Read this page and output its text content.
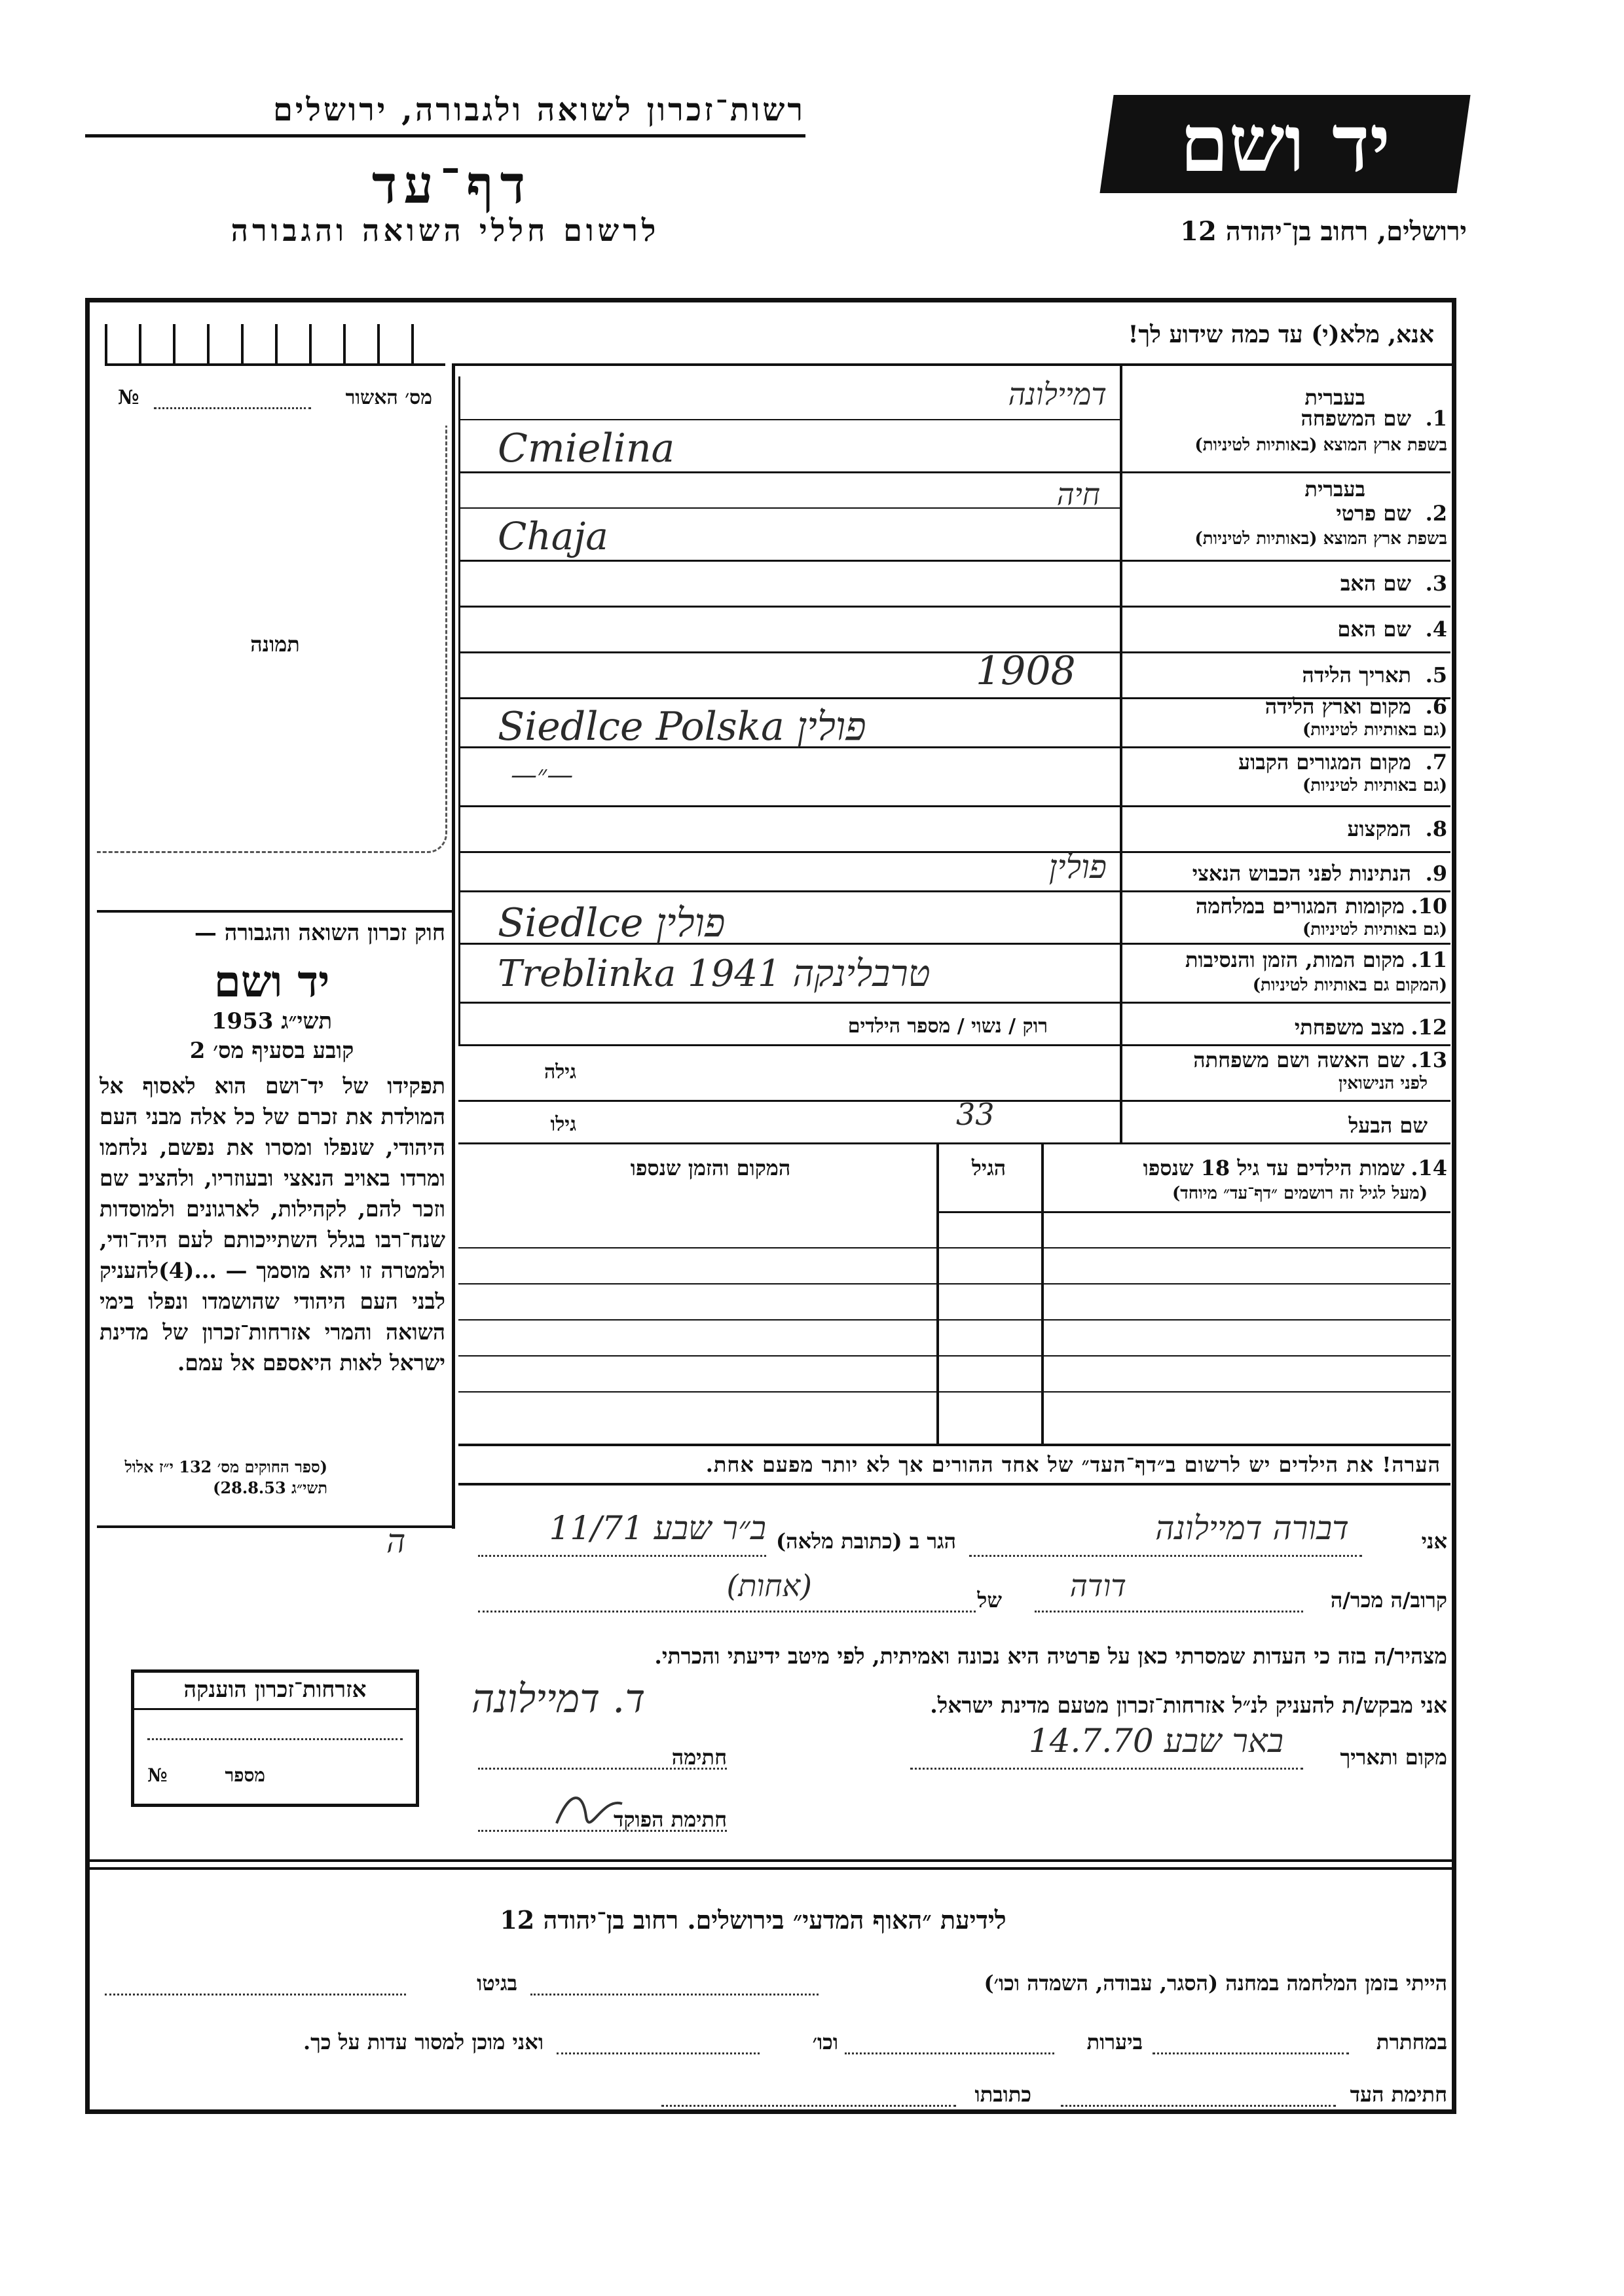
רשות־זכרון לשואה ולגבורה, ירושלים
דף־עד
לרשום חללי השואה והגבורה
יד ושם
ירושלים, רחוב בן־יהודה 12
אנא, מלא(י) עד כמה שידוע לך!
מס׳ האשור
№
תמונה
בעברית
1.
שם המשפחה
בשפת ארץ המוצא (באותיות לטיניות)
דמיילונה
Cmielina
בעברית
2.
שם פרטי
בשפת ארץ המוצא (באותיות לטיניות)
חיה
Chaja
3.
שם האב
4.
שם האם
5.
תאריך הלידה
1908
6.
מקום וארץ הלידה
(גם באותיות לטיניות)
Siedlce Polska פולין
7.
מקום המגורים הקבוע
(גם באותיות לטיניות)
—״—
8.
המקצוע
9.
הנתינות לפני הכבוש הנאצי
פולין
10.
מקומות המגורים במלחמה
(גם באותיות לטיניות)
Siedlce פולין
11.
מקום המות, הזמן והנסיבות
(המקום גם באותיות לטיניות)
Treblinka 1941 טרבלינקה
12.
מצב משפחתי
רוק / נשוי / מספר הילדים
13.
שם האשה ושם משפחתה
לפני הנישואין
גילה
שם הבעל
גילו	33
14.
שמות הילדים עד גיל 18 שנספו
(מעל לגיל זה רושמים ״דף־עד״ מיוחד)
הגיל
המקום והזמן שנספו
הערה! את הילדים יש לרשום ב״דף־העד״ של אחד ההורים אך לא יותר מפעם אחת.
חוק זכרון השואה והגבורה —
יד ושם
תשי״ג 1953
קובע בסעיף מס׳ 2
תפקידו של יד־ושם הוא לאסוף אל המולדת את זכרם של כל אלה מבני העם היהודי, שנפלו ומסרו את נפשם, נלחמו ומרדו באויב הנאצי ובעוזריו, ולהציב שם וזכר להם, לקהילות, לארגונים ולמוסדות שנח־רבו בגלל השתייכותם לעם היה־ודי, ולמטרה זו יהא מוסמך — ...(4)להעניק לבני העם היהודי שהושמדו ונפלו בימי השואה והמרי אזרחות־זכרון של מדינת ישראל לאות היאספם אל עמם.
(ספר החוקים מס׳ 132 י״ז אלול תשי״ג 28.8.53)
אזרחות־זכרון הוענקה
מספר
№
אני
דבורה דמיילונה
הגר ב (כתובת מלאה)
ב״ר שבע 11/71
ה
קרוב/ה מכר/ה
של	דודה
(אחות)
מצהיר/ה בזה כי העדות שמסרתי כאן על פרטיה היא נכונה ואמיתית, לפי מיטב ידיעתי והכרתי.
אני מבקש/ת להעניק לנ״ל אזרחות־זכרון מטעם מדינת ישראל.
ד. דמיילונה
מקום ותאריך
באר שבע 14.7.70
חתימה
חתימת הפוקד
לידיעת ״האוף המדעי״ בירושלים. רחוב בן־יהודה 12
הייתי בזמן המלחמה במחנה (הסגר, עבודה, השמדה וכו׳)
בגיטו
במחתרת
ביערות
וכו׳
ואני מוכן למסור עדות על כך.
חתימת העד
כתובתו
